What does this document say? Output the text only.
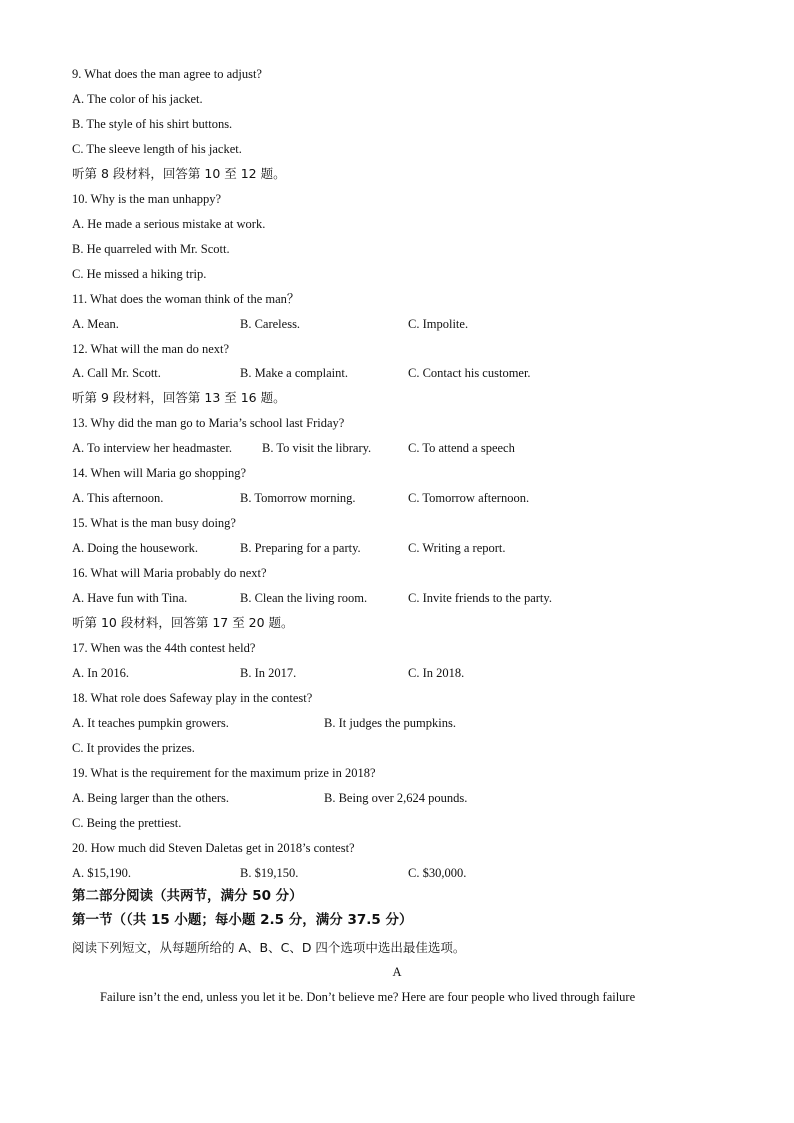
9. What does the man agree to adjust?
A. The color of his jacket.
B. The style of his shirt buttons.
C. The sleeve length of his jacket.
听第 8 段材料，回答第 10 至 12 题。
10. Why is the man unhappy?
A. He made a serious mistake at work.
B. He quarreled with Mr. Scott.
C. He missed a hiking trip.
11. What does the woman think of the man？
A. Mean.	B. Careless.	C. Impolite.
12. What will the man do next?
A. Call Mr. Scott.	B. Make a complaint.	C. Contact his customer.
听第 9 段材料，回答第 13 至 16 题。
13. Why did the man go to Maria’s school last Friday?
A. To interview her headmaster. B. To visit the library.	C. To attend a speech
14. When will Maria go shopping?
A. This afternoon.	B. Tomorrow morning.	C. Tomorrow afternoon.
15. What is the man busy doing?
A. Doing the housework.	B. Preparing for a party.	C. Writing a report.
16. What will Maria probably do next?
A. Have fun with Tina.	B. Clean the living room.	C. Invite friends to the party.
听第 10 段材料，回答第 17 至 20 题。
17. When was the 44th contest held?
A. In 2016.	B. In 2017.	C. In 2018.
18. What role does Safeway play in the contest?
A. It teaches pumpkin growers.	B. It judges the pumpkins.
C. It provides the prizes.
19. What is the requirement for the maximum prize in 2018?
A. Being larger than the others.	B. Being over 2,624 pounds.
C. Being the prettiest.
20. How much did Steven Daletas get in 2018’s contest?
A. $15,190.	B. $19,150.	C. $30,000.
第二部分阅读（共两节，满分 50 分）
第一节（（共 15 小题；每小题 2.5 分，满分 37.5 分）
阅读下列短文，从每题所给的 A、B、C、D 四个选项中选出最佳选项。
A
Failure isn’t the end, unless you let it be. Don’t believe me? Here are four people who lived through failure
